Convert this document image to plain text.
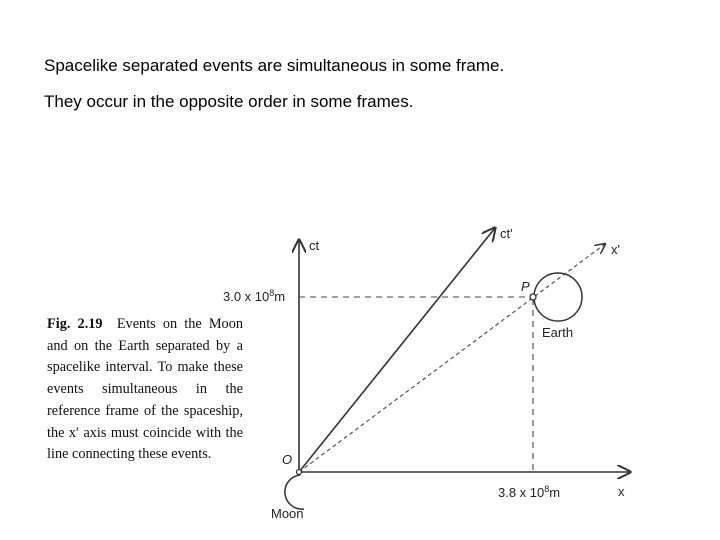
Spacelike separated events are simultaneous in some frame.

They occur in the opposite order in some frames.

Fig. 2.19 Events on the Moon and on the Earth separated by a spacelike interval. To make these events simultaneous in the reference frame of the spaceship, the x′ axis must coincide with the line connecting these events.
ct
ct'
x'
x
3.0 x $10^8m$
3.8 x $10^8m$
P
O
Earth
Moon
